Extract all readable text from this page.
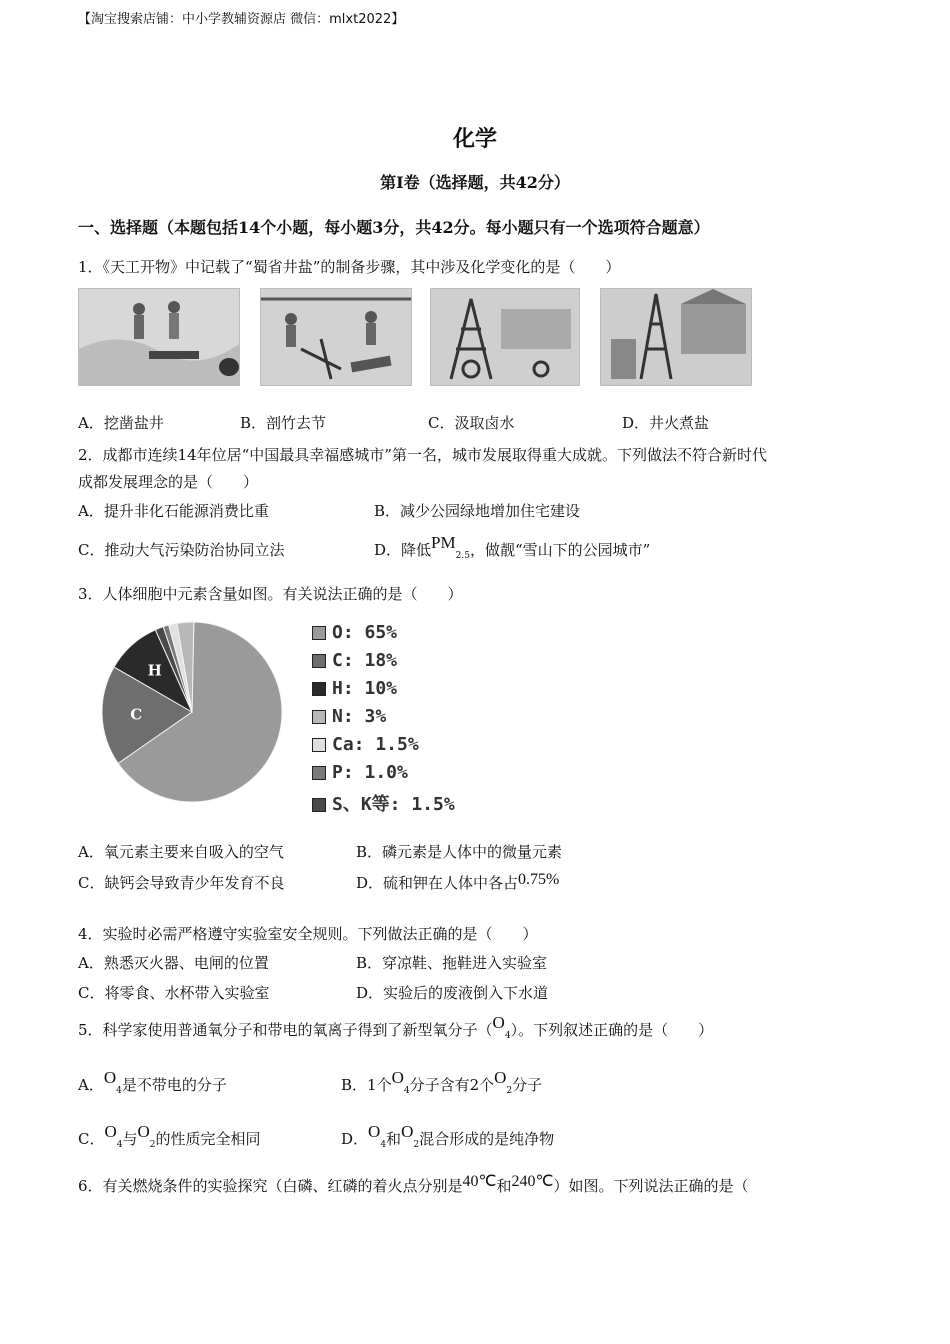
【淘宝搜索店铺：中小学教辅资源店 微信：mlxt2022】
化学
第I卷（选择题，共42分）
一、选择题（本题包括14个小题，每小题3分，共42分。每小题只有一个选项符合题意）
1．《天工开物》中记载了“蜀省井盐”的制备步骤，其中涉及化学变化的是（　　）
A．挖凿盐井	B．剖竹去节	C．汲取卤水	D．井火煮盐
2．成都市连续14年位居“中国最具幸福感城市”第一名，城市发展取得重大成就。下列做法不符合新时代
成都发展理念的是（　　）
A．提升非化石能源消费比重	B．减少公园绿地增加住宅建设
C．推动大气污染防治协同立法	D．降低$PM_{2.5}$，做靓“雪山下的公园城市”
3．人体细胞中元素含量如图。有关说法正确的是（　　）
H
C
O: 65%
C: 18%
H: 10%
N: 3%
Ca: 1.5%
P: 1.0%
S、K等: 1.5%
A．氧元素主要来自吸入的空气	B．磷元素是人体中的微量元素
C．缺钙会导致青少年发育不良	D．硫和钾在人体中各占0.75%
4．实验时必需严格遵守实验室安全规则。下列做法正确的是（　　）
A．熟悉灭火器、电闸的位置	B．穿凉鞋、拖鞋进入实验室
C．将零食、水杯带入实验室	D．实验后的废液倒入下水道
5．科学家使用普通氧分子和带电的氧离子得到了新型氧分子$(O_4)$。下列叙述正确的是（　　）
A．$O_4$是不带电的分子	B．1个$O_4$分子含有2个$O_2$分子
C．$O_4$与$O_2$的性质完全相同	D．$O_4$和$O_2$混合形成的是纯净物
6．有关燃烧条件的实验探究（白磷、红磷的着火点分别是40℃和240℃）如图。下列说法正确的是（
